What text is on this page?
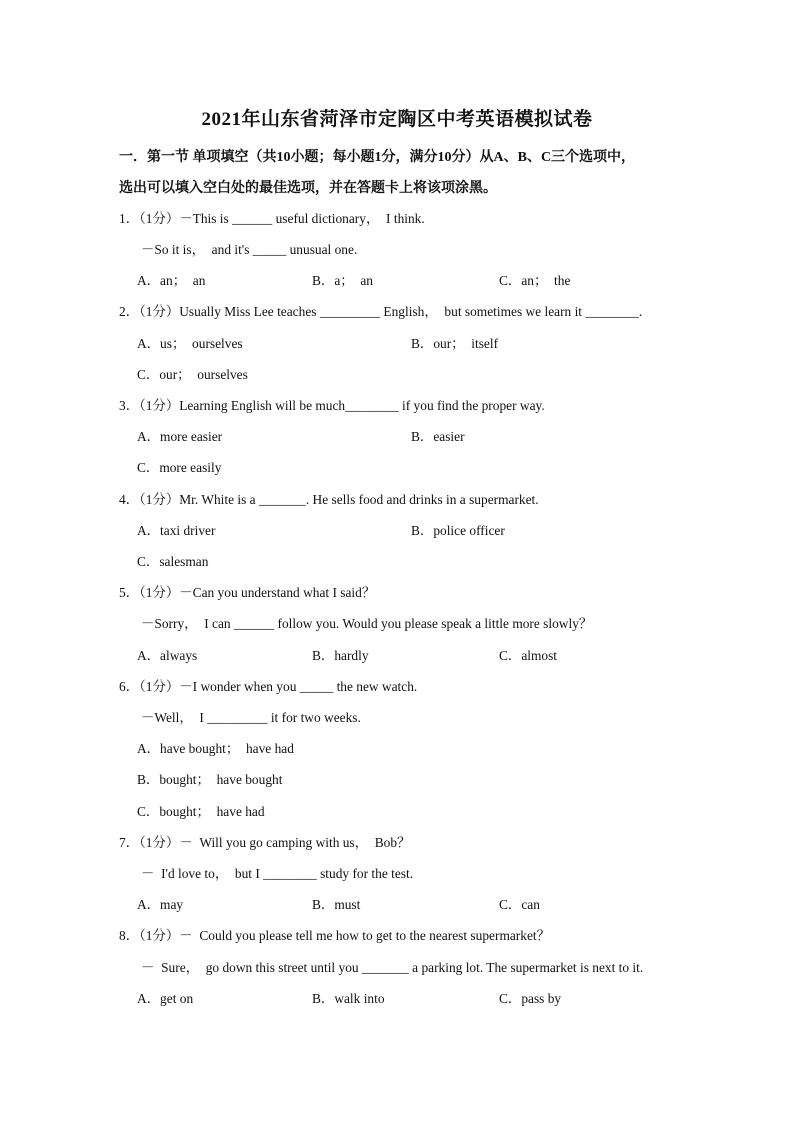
2021年山东省菏泽市定陶区中考英语模拟试卷
一．第一节 单项填空（共10小题；每小题1分，满分10分）从A、B、C三个选项中，
选出可以填入空白处的最佳选项，并在答题卡上将该项涂黑。
1．（1分）－This is ______ useful dictionary，  I think.
－So it is，  and it's _____ unusual one.
A．an；  an	B．a；  an	C．an；  the
2．（1分）Usually Miss Lee teaches _________ English，  but sometimes we learn it ________.
A．us；  ourselves	B．our；  itself
C．our；  ourselves
3．（1分）Learning English will be much________ if you find the proper way.
A．more easier	B．easier
C．more easily
4．（1分）Mr. White is a _______. He sells food and drinks in a supermarket.
A．taxi driver	B．police officer
C．salesman
5．（1分）－Can you understand what I said？
－Sorry，  I can ______ follow you. Would you please speak a little more slowly？
A．always	B．hardly	C．almost
6．（1分）－I wonder when you _____ the new watch.
－Well，  I _________ it for two weeks.
A．have bought；  have had
B．bought；  have bought
C．bought；  have had
7．（1分）－  Will you go camping with us，  Bob？
－  I'd love to，  but I ________ study for the test.
A．may	B．must	C．can
8．（1分）－  Could you please tell me how to get to the nearest supermarket？
－  Sure，  go down this street until you _______ a parking lot. The supermarket is next to it.
A．get on	B．walk into	C．pass by
